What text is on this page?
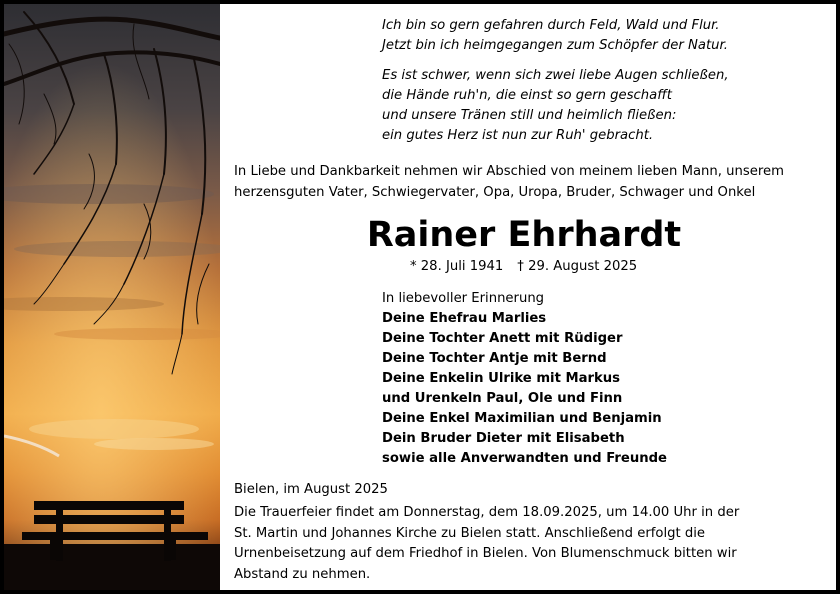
Ich bin so gern gefahren durch Feld, Wald und Flur.
Jetzt bin ich heimgegangen zum Schöpfer der Natur.
Es ist schwer, wenn sich zwei liebe Augen schließen,
die Hände ruh'n, die einst so gern geschafft
und unsere Tränen still und heimlich fließen:
ein gutes Herz ist nun zur Ruh' gebracht.
In Liebe und Dankbarkeit nehmen wir Abschied von meinem lieben Mann, unserem
herzensguten Vater, Schwiegervater, Opa, Uropa, Bruder, Schwager und Onkel
Rainer Ehrhardt
* 28. Juli 1941 † 29. August 2025
In liebevoller Erinnerung
Deine Ehefrau Marlies
Deine Tochter Anett mit Rüdiger
Deine Tochter Antje mit Bernd
Deine Enkelin Ulrike mit Markus
und Urenkeln Paul, Ole und Finn
Deine Enkel Maximilian und Benjamin
Dein Bruder Dieter mit Elisabeth
sowie alle Anverwandten und Freunde
Bielen, im August 2025
Die Trauerfeier findet am Donnerstag, dem 18.09.2025, um 14.00 Uhr in der
St. Martin und Johannes Kirche zu Bielen statt. Anschließend erfolgt die
Urnenbeisetzung auf dem Friedhof in Bielen. Von Blumenschmuck bitten wir
Abstand zu nehmen.
